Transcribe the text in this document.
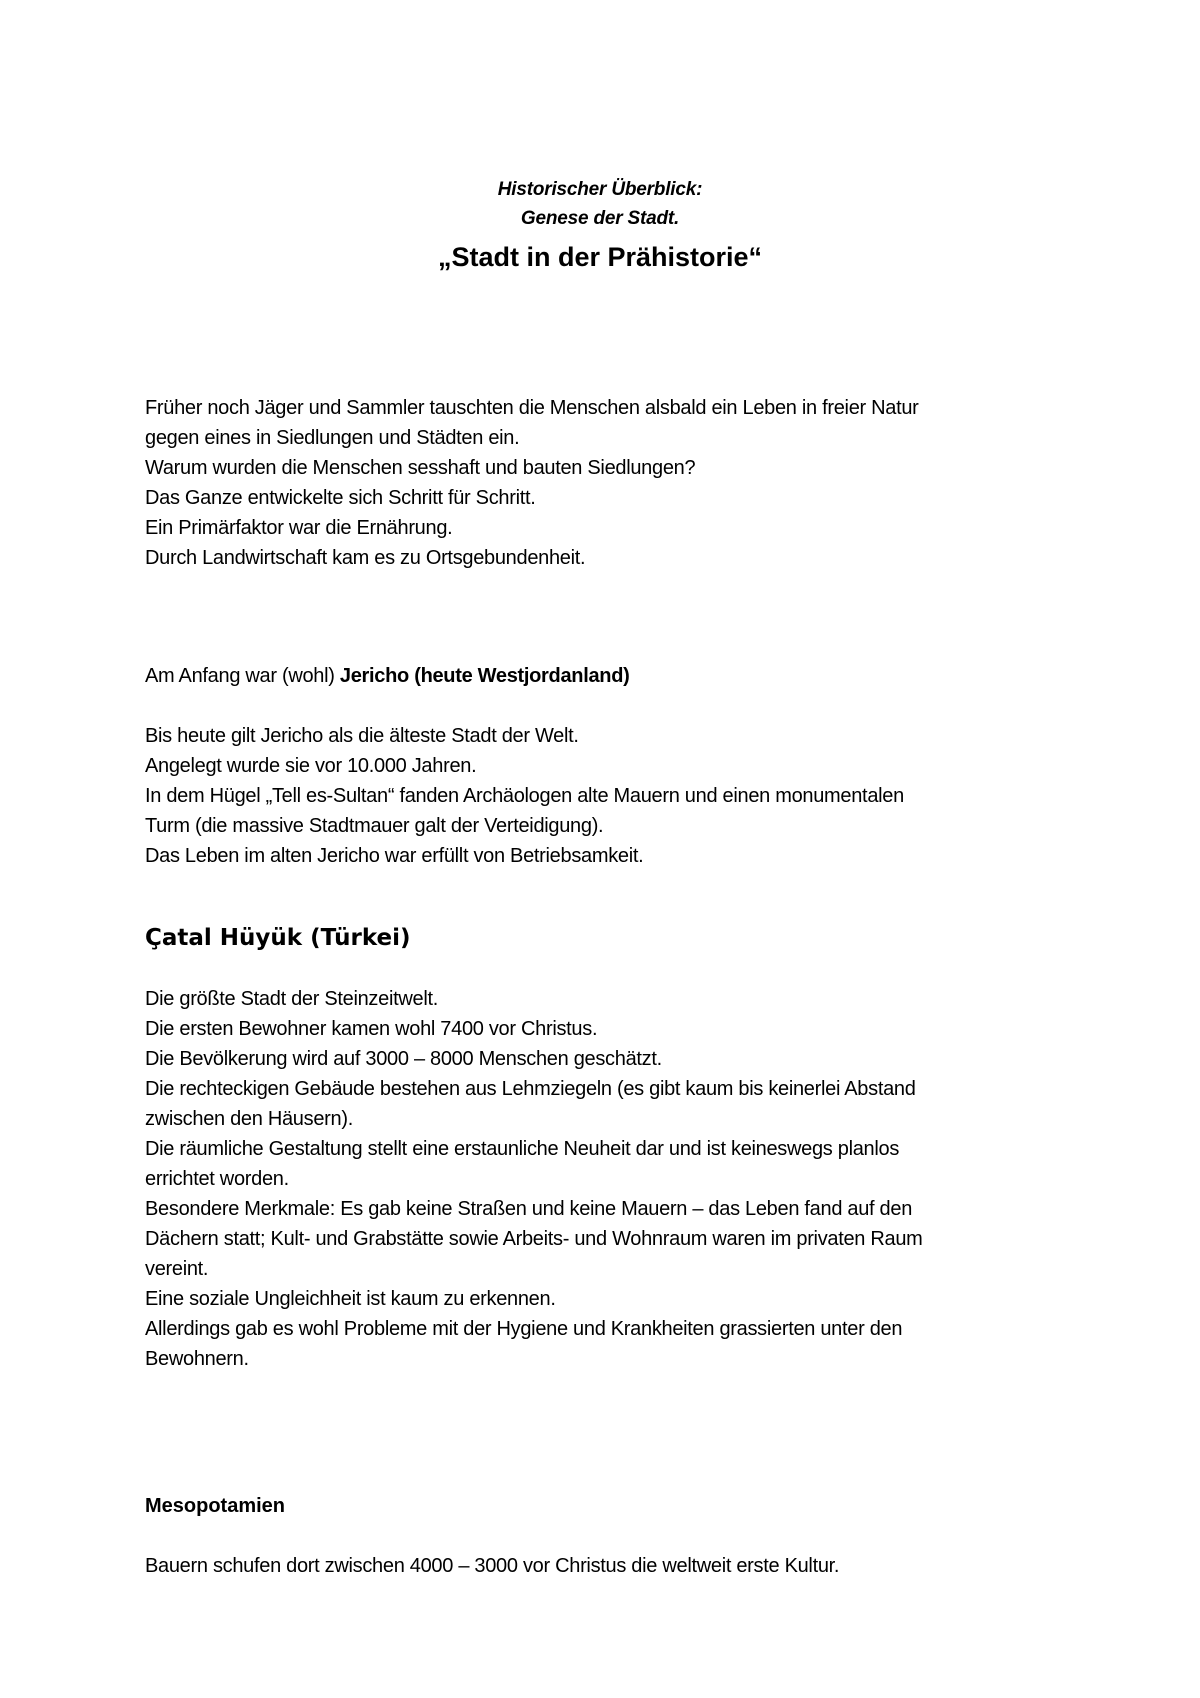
Historischer Überblick:
Genese der Stadt.
„Stadt in der Prähistorie“
Früher noch Jäger und Sammler tauschten die Menschen alsbald ein Leben in freier Natur
gegen eines in Siedlungen und Städten ein.
Warum wurden die Menschen sesshaft und bauten Siedlungen?
Das Ganze entwickelte sich Schritt für Schritt.
Ein Primärfaktor war die Ernährung.
Durch Landwirtschaft kam es zu Ortsgebundenheit.
Am Anfang war (wohl) Jericho (heute Westjordanland)
Bis heute gilt Jericho als die älteste Stadt der Welt.
Angelegt wurde sie vor 10.000 Jahren.
In dem Hügel „Tell es-Sultan“ fanden Archäologen alte Mauern und einen monumentalen
Turm (die massive Stadtmauer galt der Verteidigung).
Das Leben im alten Jericho war erfüllt von Betriebsamkeit.
Çatal Hüyük (Türkei)
Die größte Stadt der Steinzeitwelt.
Die ersten Bewohner kamen wohl 7400 vor Christus.
Die Bevölkerung wird auf 3000 – 8000 Menschen geschätzt.
Die rechteckigen Gebäude bestehen aus Lehmziegeln (es gibt kaum bis keinerlei Abstand
zwischen den Häusern).
Die räumliche Gestaltung stellt eine erstaunliche Neuheit dar und ist keineswegs planlos
errichtet worden.
Besondere Merkmale: Es gab keine Straßen und keine Mauern – das Leben fand auf den
Dächern statt; Kult- und Grabstätte sowie Arbeits- und Wohnraum waren im privaten Raum
vereint.
Eine soziale Ungleichheit ist kaum zu erkennen.
Allerdings gab es wohl Probleme mit der Hygiene und Krankheiten grassierten unter den
Bewohnern.
Mesopotamien
Bauern schufen dort zwischen 4000 – 3000 vor Christus die weltweit erste Kultur.
